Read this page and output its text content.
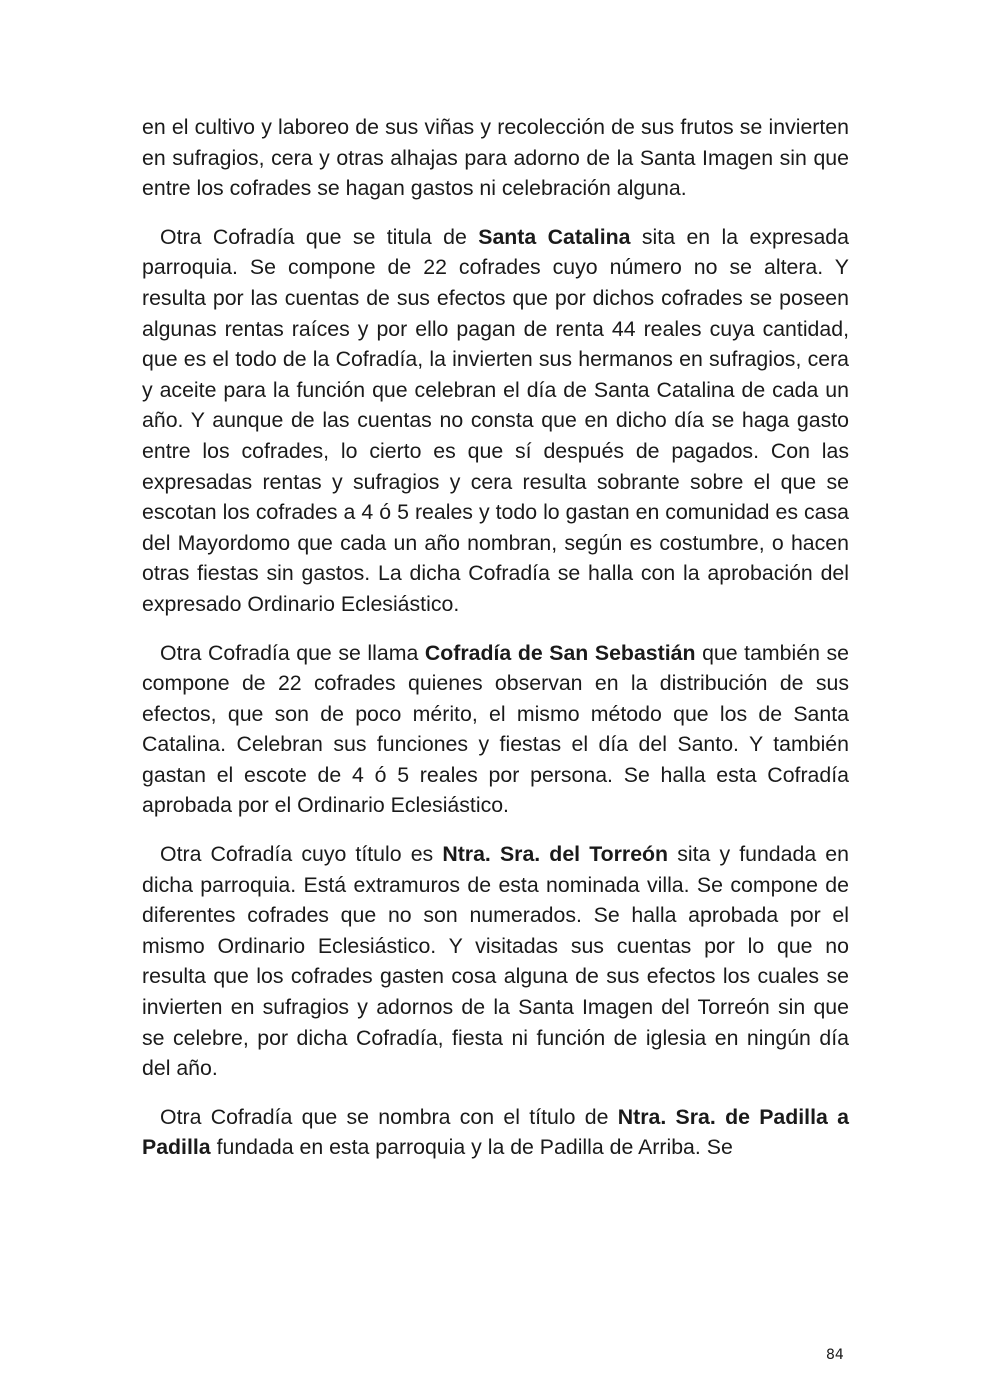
en el cultivo y laboreo de sus viñas y recolección de sus frutos se invierten en sufragios, cera y otras alhajas para adorno de la Santa Imagen sin que entre los cofrades se hagan gastos ni celebración alguna.

Otra Cofradía que se titula de Santa Catalina sita en la expresada parroquia. Se compone de 22 cofrades cuyo número no se altera. Y resulta por las cuentas de sus efectos que por dichos cofrades se poseen algunas rentas raíces y por ello pagan de renta 44 reales cuya cantidad, que es el todo de la Cofradía, la invierten sus hermanos en sufragios, cera y aceite para la función que celebran el día de Santa Catalina de cada un año. Y aunque de las cuentas no consta que en dicho día se haga gasto entre los cofrades, lo cierto es que sí después de pagados. Con las expresadas rentas y sufragios y cera resulta sobrante sobre el que se escotan los cofrades a 4 ó 5 reales y todo lo gastan en comunidad es casa del Mayordomo que cada un año nombran, según es costumbre, o hacen otras fiestas sin gastos. La dicha Cofradía se halla con la aprobación del expresado Ordinario Eclesiástico.

Otra Cofradía que se llama Cofradía de San Sebastián que también se compone de 22 cofrades quienes observan en la distribución de sus efectos, que son de poco mérito, el mismo método que los de Santa Catalina. Celebran sus funciones y fiestas el día del Santo. Y también gastan el escote de 4 ó 5 reales por persona. Se halla esta Cofradía aprobada por el Ordinario Eclesiástico.

Otra Cofradía cuyo título es Ntra. Sra. del Torreón sita y fundada en dicha parroquia. Está extramuros de esta nominada villa. Se compone de diferentes cofrades que no son numerados. Se halla aprobada por el mismo Ordinario Eclesiástico. Y visitadas sus cuentas por lo que no resulta que los cofrades gasten cosa alguna de sus efectos los cuales se invierten en sufragios y adornos de la Santa Imagen del Torreón sin que se celebre, por dicha Cofradía, fiesta ni función de iglesia en ningún día del año.

Otra Cofradía que se nombra con el título de Ntra. Sra. de Padilla a Padilla fundada en esta parroquia y la de Padilla de Arriba. Se

84
